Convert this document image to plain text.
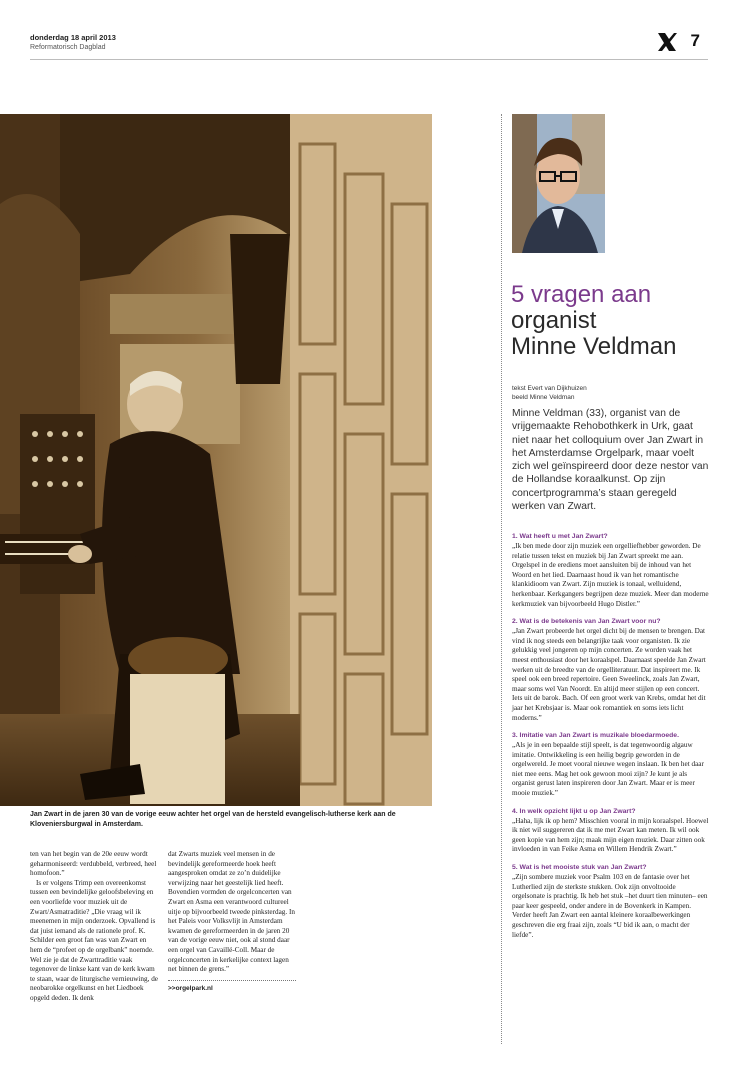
donderdag 18 april 2013
Reformatorisch Dagblad	7
Jan Zwart in de jaren 30 van de vorige eeuw achter het orgel van de hersteld evangelisch-lutherse kerk aan de Kloveniersburgwal in Amsterdam.

ten van het begin van de 20e eeuw wordt geharmoniseerd: verdubbeld, verbreed, heel homofoon.”

Is er volgens Trimp een overeenkomst tussen een bevindelijke geloofsbeleving en een voorliefde voor muziek uit de Zwart/Asmatraditie? „Die vraag wil ik meenemen in mijn onderzoek. Opvallend is dat juist iemand als de rationele prof. K. Schilder een groot fan was van Zwart en hem de “profeet op de orgelbank” noemde. Wel zie je dat de Zwarttraditie vaak tegenover de linkse kant van de kerk kwam te staan, waar de liturgische vernieuwing, de neobarokke orgelkunst en het Liedboek opgeld deden. Ik denk

dat Zwarts muziek veel mensen in de bevindelijk gereformeerde hoek heeft aangesproken omdat ze zo’n duidelijke verwijzing naar het geestelijk lied heeft. Bovendien vormden de orgelconcerten van Zwart en Asma een verantwoord cultureel uitje op bijvoorbeeld tweede pinksterdag. In het Paleis voor Volksvlijt in Amsterdam kwamen de gereformeerden in de jaren 20 van de vorige eeuw niet, ook al stond daar een orgel van Cavaillé-Coll. Maar de orgelconcerten in kerkelijke context lagen net binnen de grens.”

>>orgelpark.nl
5 vragen aan
organist
Minne Veldman
tekst Evert van Dijkhuizen
beeld Minne Veldman

Minne Veldman (33), organist van de vrijgemaakte Rehobothkerk in Urk, gaat niet naar het colloquium over Jan Zwart in het Amsterdamse Orgelpark, maar voelt zich wel geïnspireerd door deze nestor van de Hollandse koraalkunst. Op zijn concertprogramma’s staan geregeld werken van Zwart.

1. Wat heeft u met Jan Zwart?

„Ik ben mede door zijn muziek een orgelliefhebber geworden. De relatie tussen tekst en muziek bij Jan Zwart spreekt me aan. Orgelspel in de erediens moet aansluiten bij de inhoud van het Woord en het lied. Daarnaast houd ik van het romantische klankidioom van Zwart. Zijn muziek is tonaal, welluidend, herkenbaar. Kerkgangers begrijpen deze muziek. Meer dan moderne kerkmuziek van bijvoorbeeld Hugo Distler.”

2. Wat is de betekenis van Jan Zwart voor nu?

„Jan Zwart probeerde het orgel dicht bij de mensen te brengen. Dat vind ik nog steeds een belangrijke taak voor organisten. Ik zie gelukkig veel jongeren op mijn concerten. Ze worden vaak het meest enthousiast door het koraalspel. Daarnaast speelde Jan Zwart werken uit de breedte van de orgelliteratuur. Dat inspireert me. Ik speel ook een breed repertoire. Geen Sweelinck, zoals Jan Zwart, maar soms wel Van Noordt. En altijd meer stijlen op een concert. Iets uit de barok. Bach. Of een groot werk van Krebs, omdat het dit jaar het Krebsjaar is. Maar ook romantiek en soms iets licht moderns.”

3. Imitatie van Jan Zwart is muzikale bloedarmoede.

„Als je in een bepaalde stijl speelt, is dat tegenwoordig algauw imitatie. Ontwikkeling is een heilig begrip geworden in de orgelwereld. Je moet vooral nieuwe wegen inslaan. Ik ben het daar niet mee eens. Mag het ook gewoon mooi zijn? Je kunt je als organist gerust laten inspireren door Jan Zwart. Maar er is meer mooie muziek.”

4. In welk opzicht lijkt u op Jan Zwart?

„Haha, lijk ik op hem? Misschien vooral in mijn koraalspel. Hoewel ik niet wil suggereren dat ik me met Zwart kan meten. Ik wil ook geen kopie van hem zijn; maak mijn eigen muziek. Daar zitten ook invloeden in van Feike Asma en Willem Hendrik Zwart.”

5. Wat is het mooiste stuk van Jan Zwart?

„Zijn sombere muziek voor Psalm 103 en de fantasie over het Lutherlied zijn de sterkste stukken. Ook zijn onvoltooide orgelsonate is prachtig. Ik heb het stuk –het duurt tien minuten– een paar keer gespeeld, onder andere in de Bovenkerk in Kampen. Verder heeft Jan Zwart een aantal kleinere koraalbewerkingen geschreven die erg fraai zijn, zoals “U bid ik aan, o macht der liefde”.
